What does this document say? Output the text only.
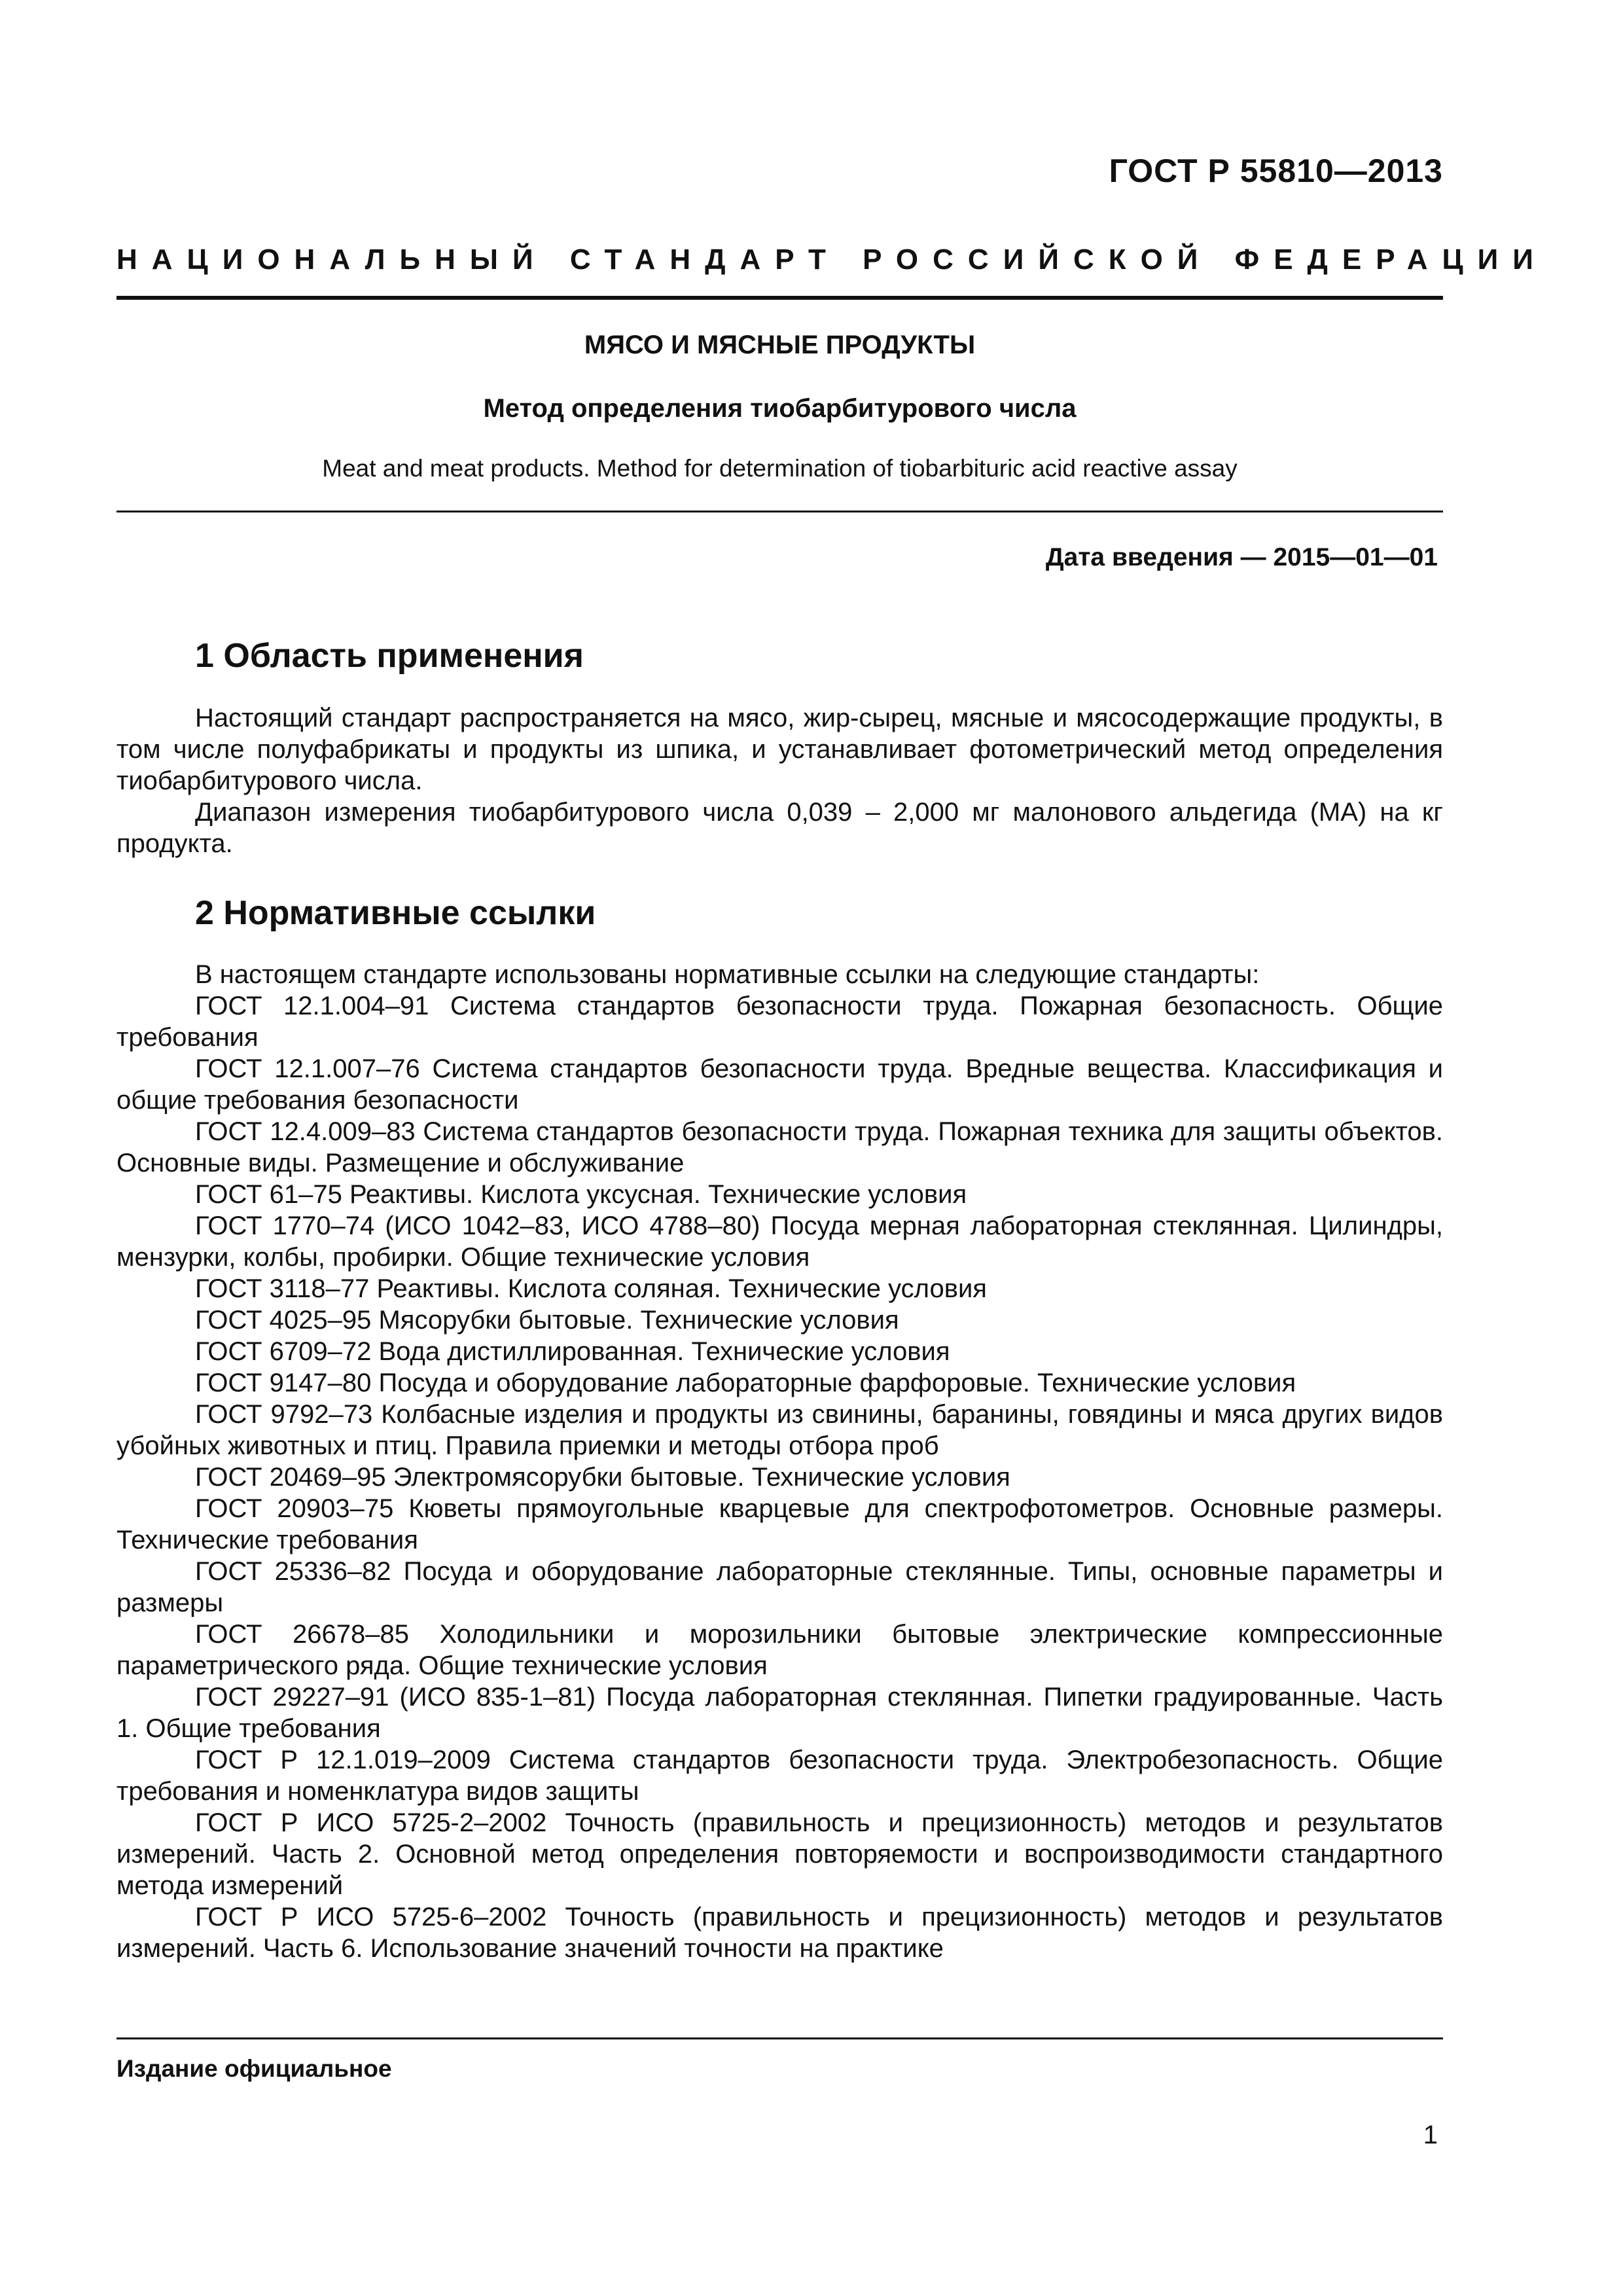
ГОСТ Р 55810—2013
НАЦИОНАЛЬНЫЙ СТАНДАРТ РОССИЙСКОЙ ФЕДЕРАЦИИ
МЯСО И МЯСНЫЕ ПРОДУКТЫ
Метод определения тиобарбитурового числа
Meat and meat products. Method for determination of tiobarbituric acid reactive assay
Дата введения — 2015—01—01
1 Область применения

Настоящий стандарт распространяется на мясо, жир-сырец, мясные и мясосодержащие продукты, в том числе полуфабрикаты и продукты из шпика, и устанавливает фотометрический метод определения тиобарбитурового числа.

Диапазон измерения тиобарбитурового числа 0,039 – 2,000 мг малонового альдегида (МА) на кг продукта.

2 Нормативные ссылки

В настоящем стандарте использованы нормативные ссылки на следующие стандарты:

ГОСТ 12.1.004–91 Система стандартов безопасности труда. Пожарная безопасность. Общие требования

ГОСТ 12.1.007–76 Система стандартов безопасности труда. Вредные вещества. Классификация и общие требования безопасности

ГОСТ 12.4.009–83 Система стандартов безопасности труда. Пожарная техника для защиты объектов. Основные виды. Размещение и обслуживание

ГОСТ 61–75 Реактивы. Кислота уксусная. Технические условия

ГОСТ 1770–74 (ИСО 1042–83, ИСО 4788–80) Посуда мерная лабораторная стеклянная. Цилиндры, мензурки, колбы, пробирки. Общие технические условия

ГОСТ 3118–77 Реактивы. Кислота соляная. Технические условия

ГОСТ 4025–95 Мясорубки бытовые. Технические условия

ГОСТ 6709–72 Вода дистиллированная. Технические условия

ГОСТ 9147–80 Посуда и оборудование лабораторные фарфоровые. Технические условия

ГОСТ 9792–73 Колбасные изделия и продукты из свинины, баранины, говядины и мяса других видов убойных животных и птиц. Правила приемки и методы отбора проб

ГОСТ 20469–95 Электромясорубки бытовые. Технические условия

ГОСТ 20903–75 Кюветы прямоугольные кварцевые для спектрофотометров. Основные размеры. Технические требования

ГОСТ 25336–82 Посуда и оборудование лабораторные стеклянные. Типы, основные параметры и размеры

ГОСТ 26678–85 Холодильники и морозильники бытовые электрические компрессионные параметрического ряда. Общие технические условия

ГОСТ 29227–91 (ИСО 835-1–81) Посуда лабораторная стеклянная. Пипетки градуированные. Часть 1. Общие требования

ГОСТ Р 12.1.019–2009 Система стандартов безопасности труда. Электробезопасность. Общие требования и номенклатура видов защиты

ГОСТ Р ИСО 5725-2–2002 Точность (правильность и прецизионность) методов и результатов измерений. Часть 2. Основной метод определения повторяемости и воспроизводимости стандартного метода измерений

ГОСТ Р ИСО 5725-6–2002 Точность (правильность и прецизионность) методов и результатов измерений. Часть 6. Использование значений точности на практике

Издание официальное
1
